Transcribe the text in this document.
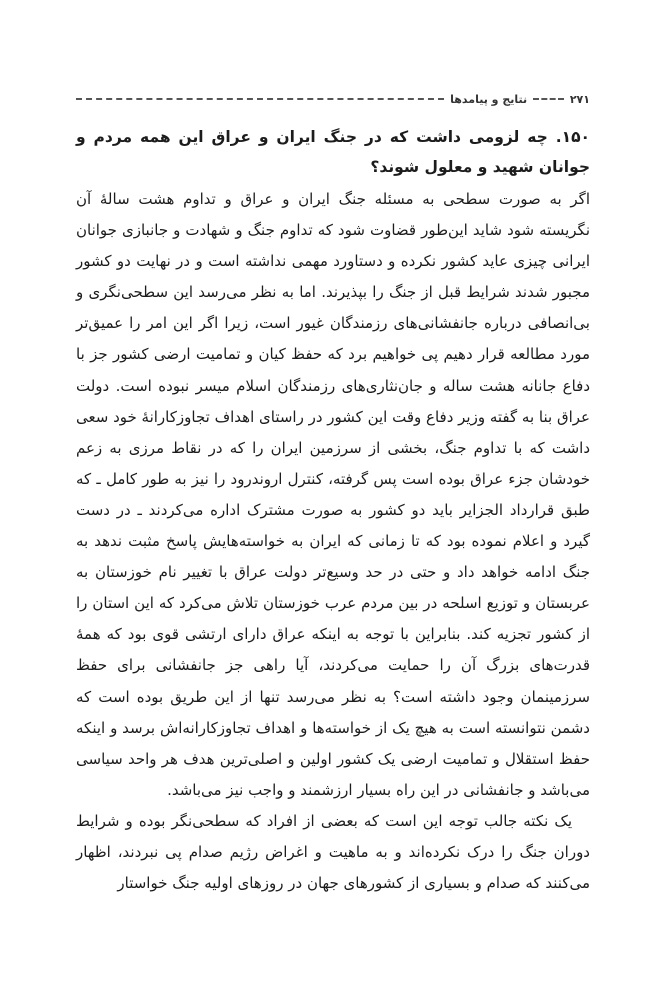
۲۷۱
نتایج و پیامدها
۱۵۰. چه لزومی داشت که در جنگ ایران و عراق این همه مردم و جوانان شهید و معلول شوند؟

اگر به صورت سطحی به مسئله جنگ ایران و عراق و تداوم هشت سالهٔ آن نگریسته شود شاید این‌طور قضاوت شود که تداوم جنگ و شهادت و جانبازی جوانان ایرانی چیزی عاید کشور نکرده و دستاورد مهمی نداشته است و در نهایت دو کشور مجبور شدند شرایط قبل از جنگ را بپذیرند. اما به نظر می‌رسد این سطحی‌نگری و بی‌انصافی درباره جانفشانی‌های رزمندگان غیور است، زیرا اگر این امر را عمیق‌تر مورد مطالعه قرار دهیم پی خواهیم برد که حفظ کیان و تمامیت ارضی کشور جز با دفاع جانانه هشت ساله و جان‌نثاری‌های رزمندگان اسلام میسر نبوده است. دولت عراق بنا به گفته وزیر دفاع وقت این کشور در راستای اهداف تجاوزکارانهٔ خود سعی داشت که با تداوم جنگ، بخشی از سرزمین ایران را که در نقاط مرزی به زعم خودشان جزء عراق بوده است پس گرفته، کنترل اروندرود را نیز به طور کامل ـ که طبق قرارداد الجزایر باید دو کشور به صورت مشترک اداره می‌کردند ـ در دست گیرد و اعلام نموده بود که تا زمانی که ایران به خواسته‌هایش پاسخ مثبت ندهد به جنگ ادامه خواهد داد و حتی در حد وسیع‌تر دولت عراق با تغییر نام خوزستان به عربستان و توزیع اسلحه در بین مردم عرب خوزستان تلاش می‌کرد که این استان را از کشور تجزیه کند. بنابراین با توجه به اینکه عراق دارای ارتشی قوی بود که همهٔ قدرت‌های بزرگ آن را حمایت می‌کردند، آیا راهی جز جانفشانی برای حفظ سرزمینمان وجود داشته است؟ به نظر می‌رسد تنها از این طریق بوده است که دشمن نتوانسته است به هیچ یک از خواسته‌ها و اهداف تجاوزکارانه‌اش برسد و اینکه حفظ استقلال و تمامیت ارضی یک کشور اولین و اصلی‌ترین هدف هر واحد سیاسی می‌باشد و جانفشانی در این راه بسیار ارزشمند و واجب نیز می‌باشد.

یک نکته جالب توجه این است که بعضی از افراد که سطحی‌نگر بوده و شرایط دوران جنگ را درک نکرده‌اند و به ماهیت و اغراض رژیم صدام پی نبردند، اظهار می‌کنند که صدام و بسیاری از کشورهای جهان در روزهای اولیه جنگ خواستار
